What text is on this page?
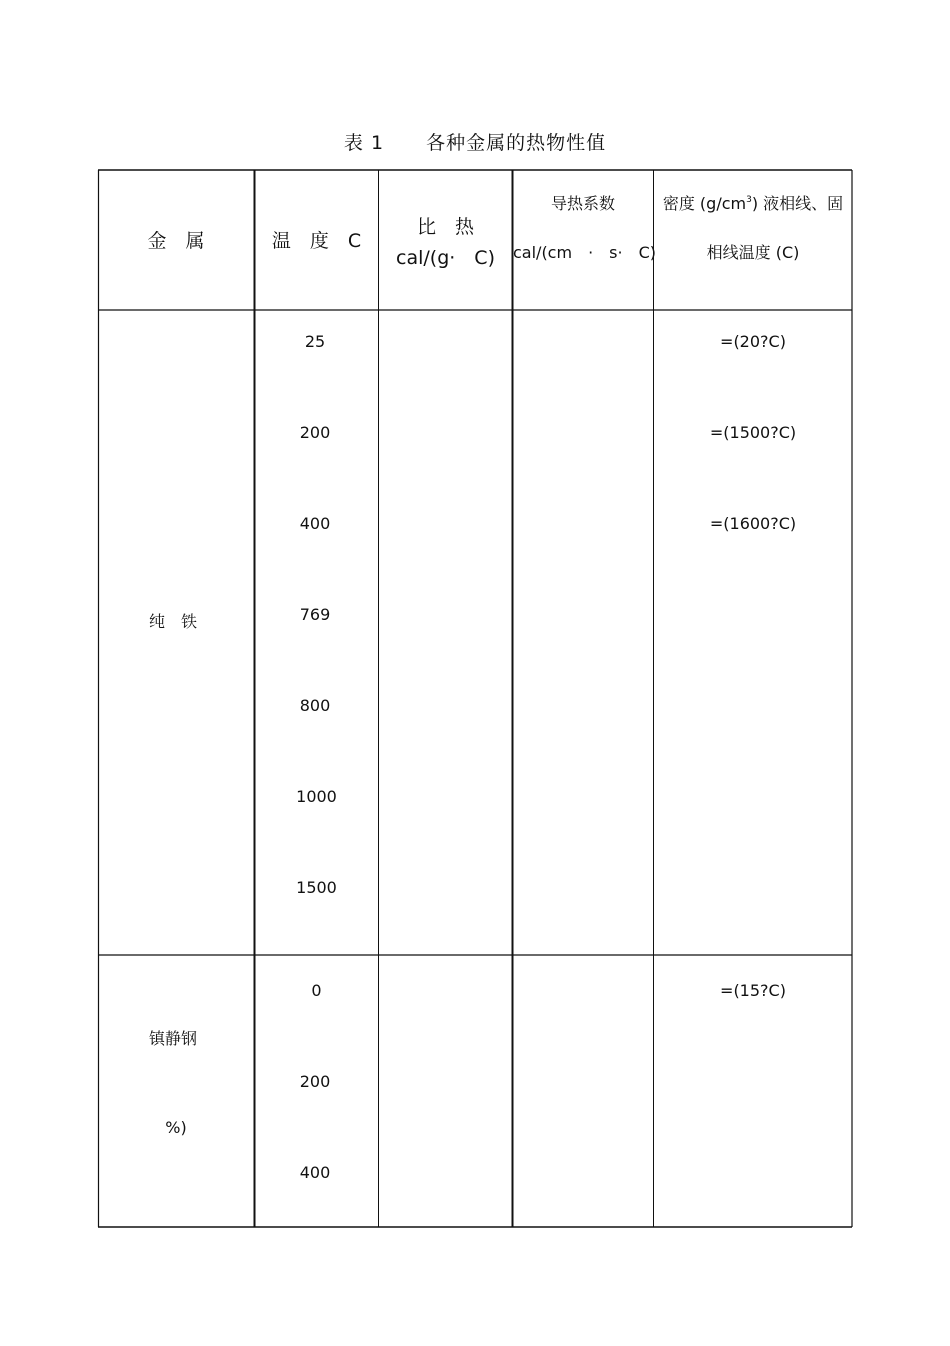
表 1 各种金属的热物性值
金　属	温　度　C
比　热
cal/(g·　C)
导热系数
cal/(cm　·　s·　C)
密度 $(g/cm^3)$ 液相线、固
相线温度 (C)
纯　铁
25
200
400
769
800
1000
1500
=(20?C)
=(1500?C)
=(1600?C)
镇静钢
%)
0
200
400
=(15?C)
